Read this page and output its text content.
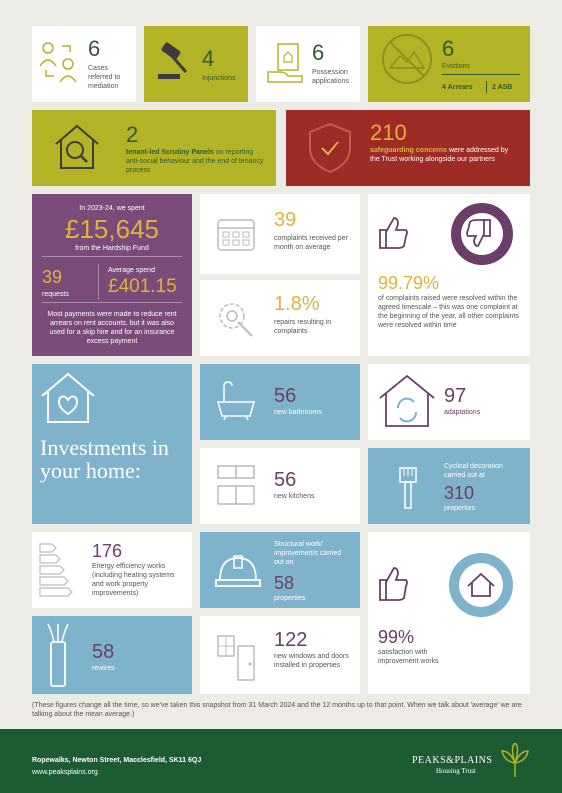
6
Cases referred to mediation
4
Injunctions
6
Possession applications
6
Evictions
4 Arrears	2 ASB
2
tenant-led Scrutiny Panels on reporting anti-social behaviour and the end of tenancy process
210
safeguarding concerns were addressed by the Trust working alongside our partners
In 2023-24, we spent
£15,645
from the Hardship Fund
39
requests
Average spend
£401.15
Most payments were made to reduce rent arrears on rent accounts, but it was also used for a skip hire and for an insurance excess payment
39
complaints received per month on average
1.8%
repairs resulting in complaints
99.79%
of complaints raised were resolved within the agreed timescale – this was one complaint at the beginning of the year, all other complaints were resolved within time
Investments in your home:
56
new bathrooms
97
adaptations
56
new kitchens
Cyclical decoration carried out at
310
properties
176
Energy efficiency works (including heating systems and work property improvements)
Structural work/ improvements carried out on
58
properties
99%
satisfaction with improvement works
58
rewires
122
new windows and doors installed in properties
(These figures change all the time, so we've taken this snapshot from 31 March 2024 and the 12 months up to that point. When we talk about 'average' we are talking about the mean average.)
Ropewalks, Newton Street, Macclesfield, SK11 6QJ
www.peaksplains.org
PEAKS&PLAINS
Housing Trust
